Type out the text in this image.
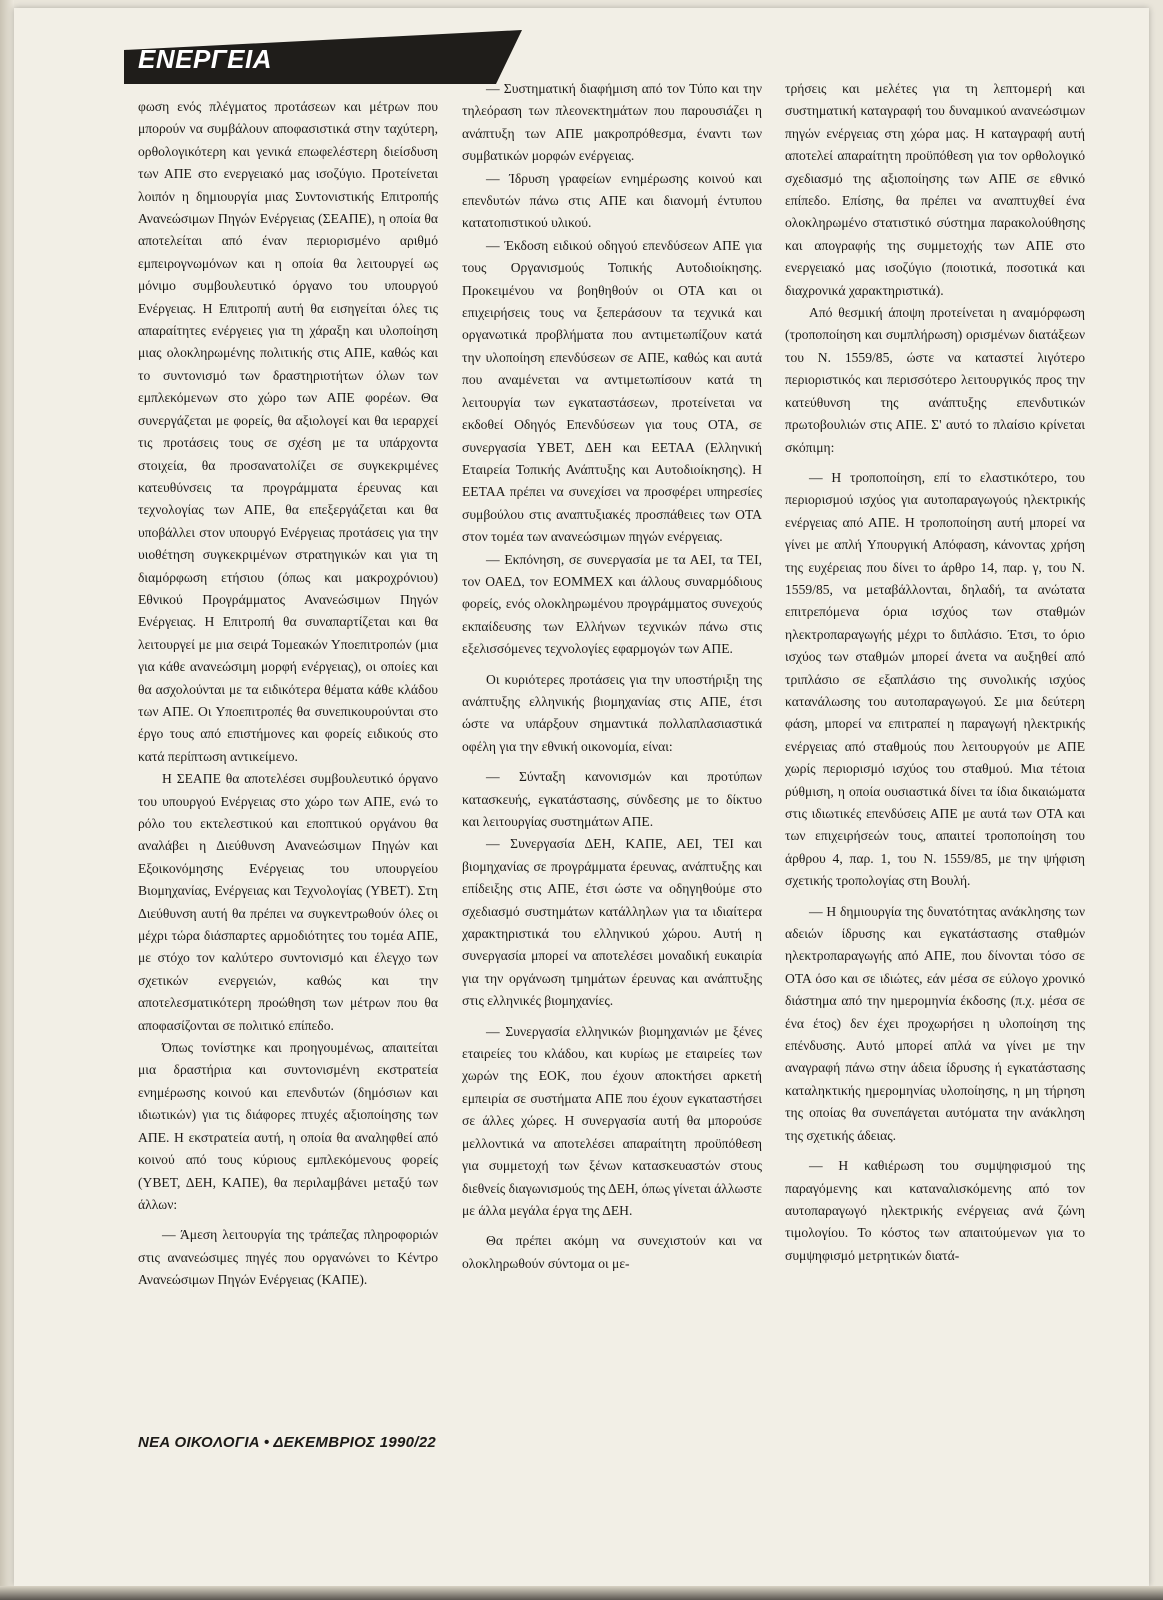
ΕΝΕΡΓΕΙΑ

φωση ενός πλέγματος προτάσεων και μέτρων που μπορούν να συμβάλουν αποφασιστικά στην ταχύτερη, ορθολογικότερη και γενικά επωφελέστερη διείσδυση των ΑΠΕ στο ενεργειακό μας ισοζύγιο. Προτείνεται λοιπόν η δημιουργία μιας Συντονιστικής Επιτροπής Ανανεώσιμων Πηγών Ενέργειας (ΣΕΑΠΕ), η οποία θα αποτελείται από έναν περιορισμένο αριθμό εμπειρογνωμόνων και η οποία θα λειτουργεί ως μόνιμο συμβουλευτικό όργανο του υπουργού Ενέργειας. Η Επιτροπή αυτή θα εισηγείται όλες τις απαραίτητες ενέργειες για τη χάραξη και υλοποίηση μιας ολοκληρωμένης πολιτικής στις ΑΠΕ, καθώς και το συντονισμό των δραστηριοτήτων όλων των εμπλεκόμενων στο χώρο των ΑΠΕ φορέων. Θα συνεργάζεται με φορείς, θα αξιολογεί και θα ιεραρχεί τις προτάσεις τους σε σχέση με τα υπάρχοντα στοιχεία, θα προσανατολίζει σε συγκεκριμένες κατευθύνσεις τα προγράμματα έρευνας και τεχνολογίας των ΑΠΕ, θα επεξεργάζεται και θα υποβάλλει στον υπουργό Ενέργειας προτάσεις για την υιοθέτηση συγκεκριμένων στρατηγικών και για τη διαμόρφωση ετήσιου (όπως και μακροχρόνιου) Εθνικού Προγράμματος Ανανεώσιμων Πηγών Ενέργειας. Η Επιτροπή θα συναπαρτίζεται και θα λειτουργεί με μια σειρά Τομεακών Υποεπιτροπών (μια για κάθε ανανεώσιμη μορφή ενέργειας), οι οποίες και θα ασχολούνται με τα ειδικότερα θέματα κάθε κλάδου των ΑΠΕ. Οι Υποεπιτροπές θα συνεπικουρούνται στο έργο τους από επιστήμονες και φορείς ειδικούς στο κατά περίπτωση αντικείμενο.

Η ΣΕΑΠΕ θα αποτελέσει συμβουλευτικό όργανο του υπουργού Ενέργειας στο χώρο των ΑΠΕ, ενώ το ρόλο του εκτελεστικού και εποπτικού οργάνου θα αναλάβει η Διεύθυνση Ανανεώσιμων Πηγών και Εξοικονόμησης Ενέργειας του υπουργείου Βιομηχανίας, Ενέργειας και Τεχνολογίας (ΥΒΕΤ). Στη Διεύθυνση αυτή θα πρέπει να συγκεντρωθούν όλες οι μέχρι τώρα διάσπαρτες αρμοδιότητες του τομέα ΑΠΕ, με στόχο τον καλύτερο συντονισμό και έλεγχο των σχετικών ενεργειών, καθώς και την αποτελεσματικότερη προώθηση των μέτρων που θα αποφασίζονται σε πολιτικό επίπεδο.

Όπως τονίστηκε και προηγουμένως, απαιτείται μια δραστήρια και συντονισμένη εκστρατεία ενημέρωσης κοινού και επενδυτών (δημόσιων και ιδιωτικών) για τις διάφορες πτυχές αξιοποίησης των ΑΠΕ. Η εκστρατεία αυτή, η οποία θα αναληφθεί από κοινού από τους κύριους εμπλεκόμενους φορείς (ΥΒΕΤ, ΔΕΗ, ΚΑΠΕ), θα περιλαμβάνει μεταξύ των άλλων:

— Άμεση λειτουργία της τράπεζας πληροφοριών στις ανανεώσιμες πηγές που οργανώνει το Κέντρο Ανανεώσιμων Πηγών Ενέργειας (ΚΑΠΕ).

— Συστηματική διαφήμιση από τον Τύπο και την τηλεόραση των πλεονεκτημάτων που παρουσιάζει η ανάπτυξη των ΑΠΕ μακροπρόθεσμα, έναντι των συμβατικών μορφών ενέργειας.

— Ίδρυση γραφείων ενημέρωσης κοινού και επενδυτών πάνω στις ΑΠΕ και διανομή έντυπου κατατοπιστικού υλικού.

— Έκδοση ειδικού οδηγού επενδύσεων ΑΠΕ για τους Οργανισμούς Τοπικής Αυτοδιοίκησης. Προκειμένου να βοηθηθούν οι ΟΤΑ και οι επιχειρήσεις τους να ξεπεράσουν τα τεχνικά και οργανωτικά προβλήματα που αντιμετωπίζουν κατά την υλοποίηση επενδύσεων σε ΑΠΕ, καθώς και αυτά που αναμένεται να αντιμετωπίσουν κατά τη λειτουργία των εγκαταστάσεων, προτείνεται να εκδοθεί Οδηγός Επενδύσεων για τους ΟΤΑ, σε συνεργασία ΥΒΕΤ, ΔΕΗ και ΕΕΤΑΑ (Ελληνική Εταιρεία Τοπικής Ανάπτυξης και Αυτοδιοίκησης). Η ΕΕΤΑΑ πρέπει να συνεχίσει να προσφέρει υπηρεσίες συμβούλου στις αναπτυξιακές προσπάθειες των ΟΤΑ στον τομέα των ανανεώσιμων πηγών ενέργειας.

— Εκπόνηση, σε συνεργασία με τα ΑΕΙ, τα ΤΕΙ, τον ΟΑΕΔ, τον ΕΟΜΜΕΧ και άλλους συναρμόδιους φορείς, ενός ολοκληρωμένου προγράμματος συνεχούς εκπαίδευσης των Ελλήνων τεχνικών πάνω στις εξελισσόμενες τεχνολογίες εφαρμογών των ΑΠΕ.

Οι κυριότερες προτάσεις για την υποστήριξη της ανάπτυξης ελληνικής βιομηχανίας στις ΑΠΕ, έτσι ώστε να υπάρξουν σημαντικά πολλαπλασιαστικά οφέλη για την εθνική οικονομία, είναι:

— Σύνταξη κανονισμών και προτύπων κατασκευής, εγκατάστασης, σύνδεσης με το δίκτυο και λειτουργίας συστημάτων ΑΠΕ.

— Συνεργασία ΔΕΗ, ΚΑΠΕ, ΑΕΙ, ΤΕΙ και βιομηχανίας σε προγράμματα έρευνας, ανάπτυξης και επίδειξης στις ΑΠΕ, έτσι ώστε να οδηγηθούμε στο σχεδιασμό συστημάτων κατάλληλων για τα ιδιαίτερα χαρακτηριστικά του ελληνικού χώρου. Αυτή η συνεργασία μπορεί να αποτελέσει μοναδική ευκαιρία για την οργάνωση τμημάτων έρευνας και ανάπτυξης στις ελληνικές βιομηχανίες.

— Συνεργασία ελληνικών βιομηχανιών με ξένες εταιρείες του κλάδου, και κυρίως με εταιρείες των χωρών της ΕΟΚ, που έχουν αποκτήσει αρκετή εμπειρία σε συστήματα ΑΠΕ που έχουν εγκαταστήσει σε άλλες χώρες. Η συνεργασία αυτή θα μπορούσε μελλοντικά να αποτελέσει απαραίτητη προϋπόθεση για συμμετοχή των ξένων κατασκευαστών στους διεθνείς διαγωνισμούς της ΔΕΗ, όπως γίνεται άλλωστε με άλλα μεγάλα έργα της ΔΕΗ.

Θα πρέπει ακόμη να συνεχιστούν και να ολοκληρωθούν σύντομα οι με-

τρήσεις και μελέτες για τη λεπτομερή και συστηματική καταγραφή του δυναμικού ανανεώσιμων πηγών ενέργειας στη χώρα μας. Η καταγραφή αυτή αποτελεί απαραίτητη προϋπόθεση για τον ορθολογικό σχεδιασμό της αξιοποίησης των ΑΠΕ σε εθνικό επίπεδο. Επίσης, θα πρέπει να αναπτυχθεί ένα ολοκληρωμένο στατιστικό σύστημα παρακολούθησης και απογραφής της συμμετοχής των ΑΠΕ στο ενεργειακό μας ισοζύγιο (ποιοτικά, ποσοτικά και διαχρονικά χαρακτηριστικά).

Από θεσμική άποψη προτείνεται η αναμόρφωση (τροποποίηση και συμπλήρωση) ορισμένων διατάξεων του Ν. 1559/85, ώστε να καταστεί λιγότερο περιοριστικός και περισσότερο λειτουργικός προς την κατεύθυνση της ανάπτυξης επενδυτικών πρωτοβουλιών στις ΑΠΕ. Σ' αυτό το πλαίσιο κρίνεται σκόπιμη:

— Η τροποποίηση, επί το ελαστικότερο, του περιορισμού ισχύος για αυτοπαραγωγούς ηλεκτρικής ενέργειας από ΑΠΕ. Η τροποποίηση αυτή μπορεί να γίνει με απλή Υπουργική Απόφαση, κάνοντας χρήση της ευχέρειας που δίνει το άρθρο 14, παρ. γ, του Ν. 1559/85, να μεταβάλλονται, δηλαδή, τα ανώτατα επιτρεπόμενα όρια ισχύος των σταθμών ηλεκτροπαραγωγής μέχρι το διπλάσιο. Έτσι, το όριο ισχύος των σταθμών μπορεί άνετα να αυξηθεί από τριπλάσιο σε εξαπλάσιο της συνολικής ισχύος κατανάλωσης του αυτοπαραγωγού. Σε μια δεύτερη φάση, μπορεί να επιτραπεί η παραγωγή ηλεκτρικής ενέργειας από σταθμούς που λειτουργούν με ΑΠΕ χωρίς περιορισμό ισχύος του σταθμού. Μια τέτοια ρύθμιση, η οποία ουσιαστικά δίνει τα ίδια δικαιώματα στις ιδιωτικές επενδύσεις ΑΠΕ με αυτά των ΟΤΑ και των επιχειρήσεών τους, απαιτεί τροποποίηση του άρθρου 4, παρ. 1, του Ν. 1559/85, με την ψήφιση σχετικής τροπολογίας στη Βουλή.

— Η δημιουργία της δυνατότητας ανάκλησης των αδειών ίδρυσης και εγκατάστασης σταθμών ηλεκτροπαραγωγής από ΑΠΕ, που δίνονται τόσο σε ΟΤΑ όσο και σε ιδιώτες, εάν μέσα σε εύλογο χρονικό διάστημα από την ημερομηνία έκδοσης (π.χ. μέσα σε ένα έτος) δεν έχει προχωρήσει η υλοποίηση της επένδυσης. Αυτό μπορεί απλά να γίνει με την αναγραφή πάνω στην άδεια ίδρυσης ή εγκατάστασης καταληκτικής ημερομηνίας υλοποίησης, η μη τήρηση της οποίας θα συνεπάγεται αυτόματα την ανάκληση της σχετικής άδειας.

— Η καθιέρωση του συμψηφισμού της παραγόμενης και καταναλισκόμενης από τον αυτοπαραγωγό ηλεκτρικής ενέργειας ανά ζώνη τιμολογίου. Το κόστος των απαιτούμενων για το συμψηφισμό μετρητικών διατά-

ΝΕΑ ΟΙΚΟΛΟΓΙΑ • ΔΕΚΕΜΒΡΙΟΣ 1990/22
